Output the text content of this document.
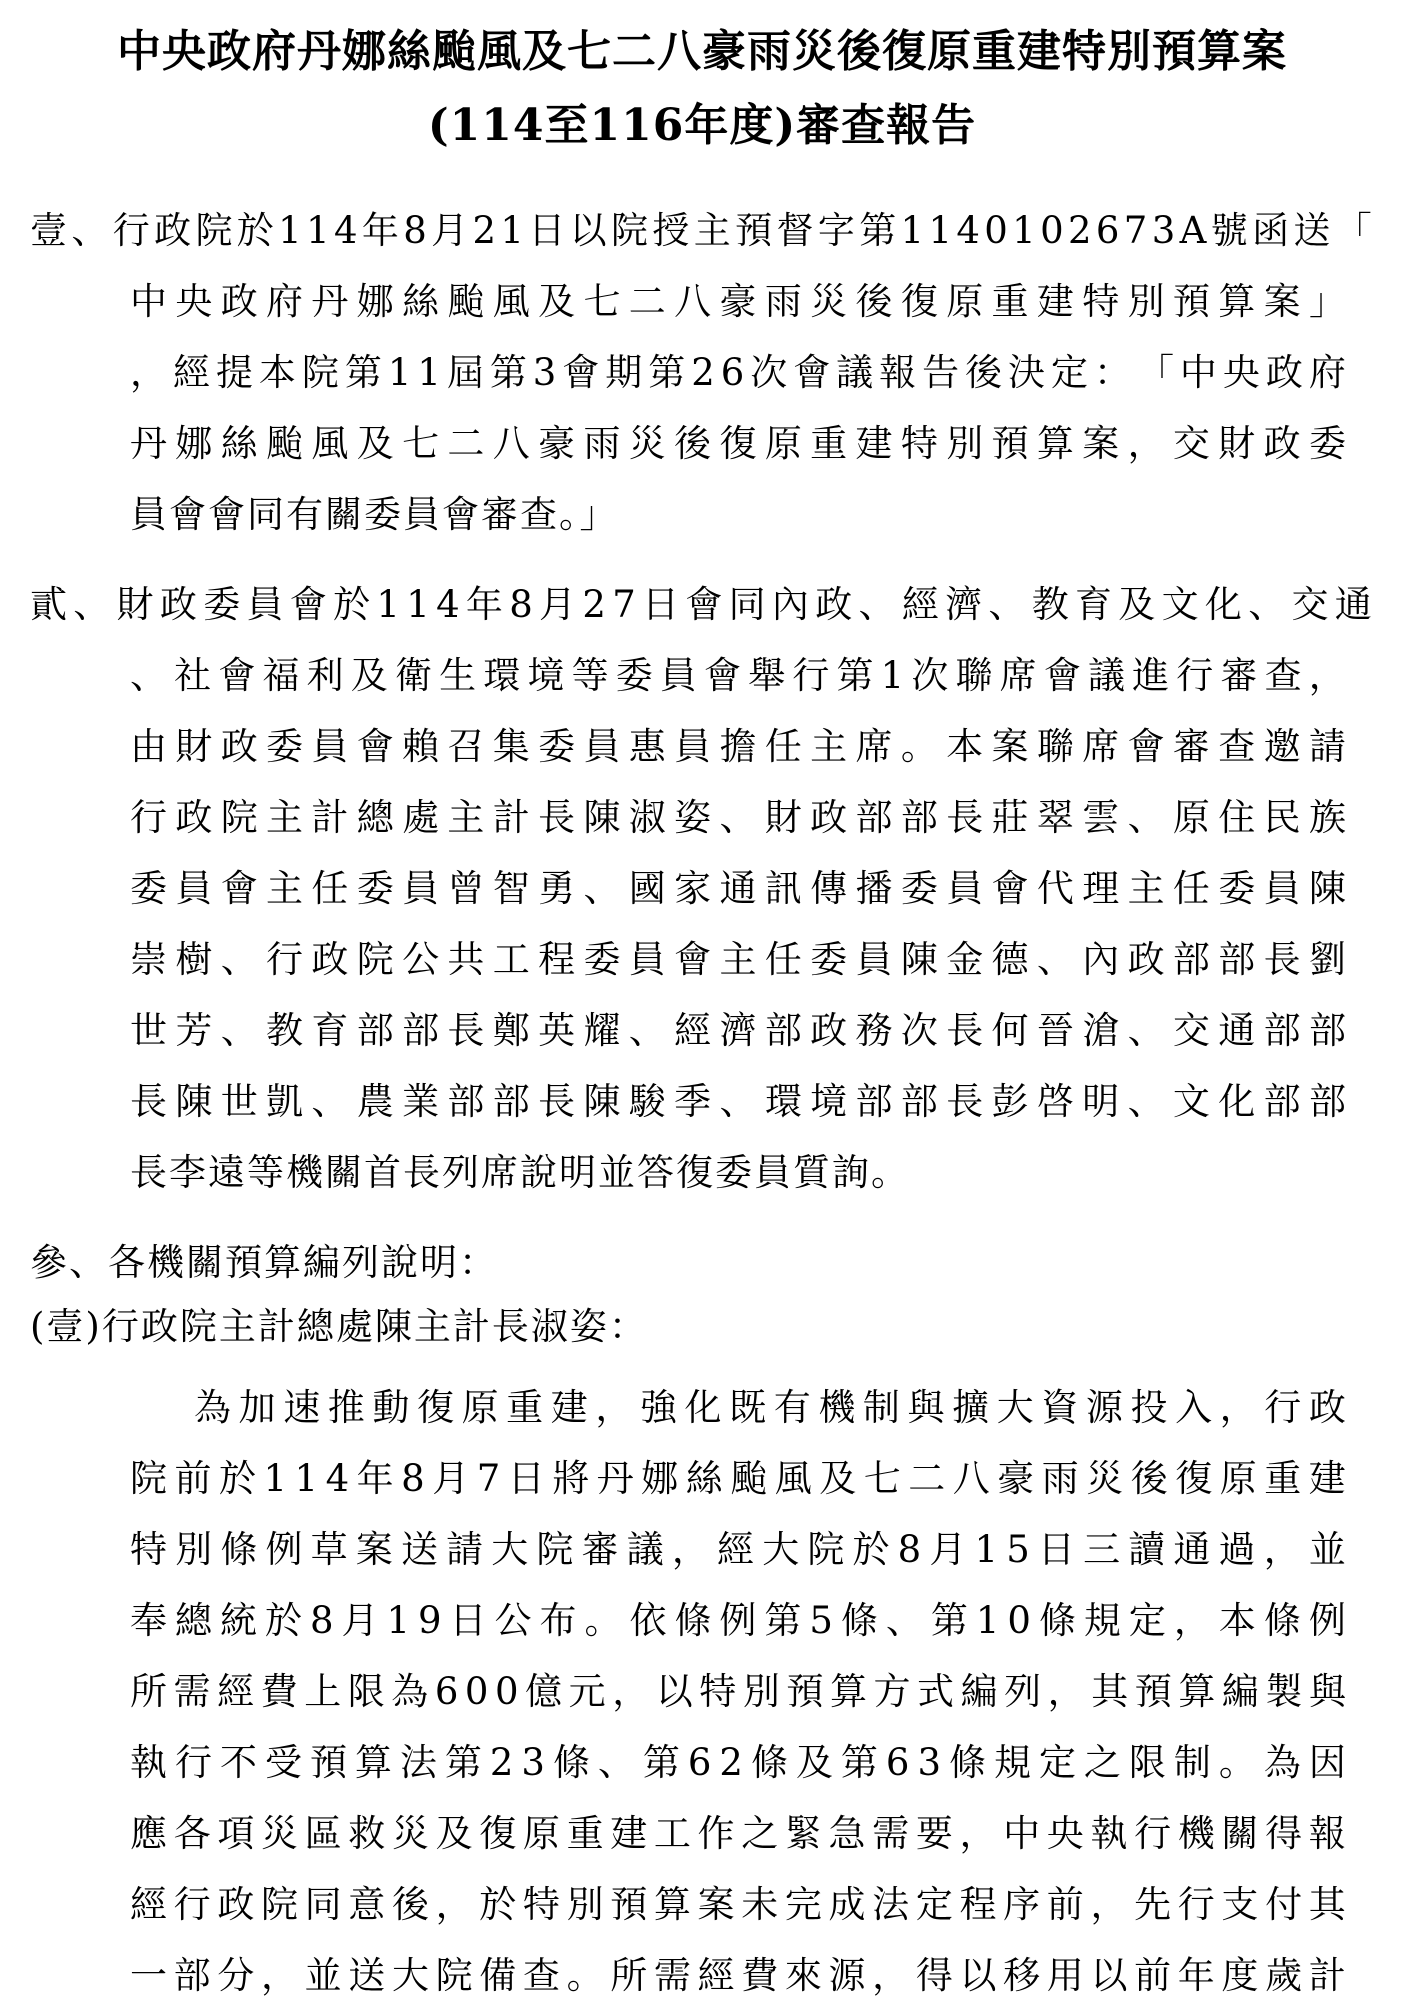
中央政府丹娜絲颱風及七二八豪雨災後復原重建特別預算案
(114至116年度)審查報告
壹 、 行 政 院 於 1 1 4 年 8 月 2 1 日 以 院 授 主 預 督 字 第 1 1 4 0 1 0 2 6 7 3 A 號 函 送 「
中 央 政 府 丹 娜 絲 颱 風 及 七 二 八 豪 雨 災 後 復 原 重 建 特 別 預 算 案 」
， 經 提 本 院 第 1 1 屆 第 3 會 期 第 2 6 次 會 議 報 告 後 決 定 ： 「 中 央 政 府
丹 娜 絲 颱 風 及 七 二 八 豪 雨 災 後 復 原 重 建 特 別 預 算 案 ， 交 財 政 委
員會會同有關委員會審查。」
貳 、 財 政 委 員 會 於 1 1 4 年 8 月 2 7 日 會 同 內 政 、 經 濟 、 教 育 及 文 化 、 交 通
、 社 會 福 利 及 衛 生 環 境 等 委 員 會 舉 行 第 1 次 聯 席 會 議 進 行 審 查 ，
由 財 政 委 員 會 賴 召 集 委 員 惠 員 擔 任 主 席 。 本 案 聯 席 會 審 查 邀 請
行 政 院 主 計 總 處 主 計 長 陳 淑 姿 、 財 政 部 部 長 莊 翠 雲 、 原 住 民 族
委 員 會 主 任 委 員 曾 智 勇 、 國 家 通 訊 傳 播 委 員 會 代 理 主 任 委 員 陳
崇 樹 、 行 政 院 公 共 工 程 委 員 會 主 任 委 員 陳 金 德 、 內 政 部 部 長 劉
世 芳 、 教 育 部 部 長 鄭 英 耀 、 經 濟 部 政 務 次 長 何 晉 滄 、 交 通 部 部
長 陳 世 凱 、 農 業 部 部 長 陳 駿 季 、 環 境 部 部 長 彭 啓 明 、 文 化 部 部
長李遠等機關首長列席說明並答復委員質詢。
參、各機關預算編列說明：
(壹)行政院主計總處陳主計長淑姿：
為 加 速 推 動 復 原 重 建 ， 強 化 既 有 機 制 與 擴 大 資 源 投 入 ， 行 政
院 前 於 1 1 4 年 8 月 7 日 將 丹 娜 絲 颱 風 及 七 二 八 豪 雨 災 後 復 原 重 建
特 別 條 例 草 案 送 請 大 院 審 議 ， 經 大 院 於 8 月 1 5 日 三 讀 通 過 ， 並
奉 總 統 於 8 月 1 9 日 公 布 。 依 條 例 第 5 條 、 第 1 0 條 規 定 ， 本 條 例
所 需 經 費 上 限 為 6 0 0 億 元 ， 以 特 別 預 算 方 式 編 列 ， 其 預 算 編 製 與
執 行 不 受 預 算 法 第 2 3 條 、 第 6 2 條 及 第 6 3 條 規 定 之 限 制 。 為 因
應 各 項 災 區 救 災 及 復 原 重 建 工 作 之 緊 急 需 要 ， 中 央 執 行 機 關 得 報
經 行 政 院 同 意 後 ， 於 特 別 預 算 案 未 完 成 法 定 程 序 前 ， 先 行 支 付 其
一 部 分 ， 並 送 大 院 備 查 。 所 需 經 費 來 源 ， 得 以 移 用 以 前 年 度 歲 計
